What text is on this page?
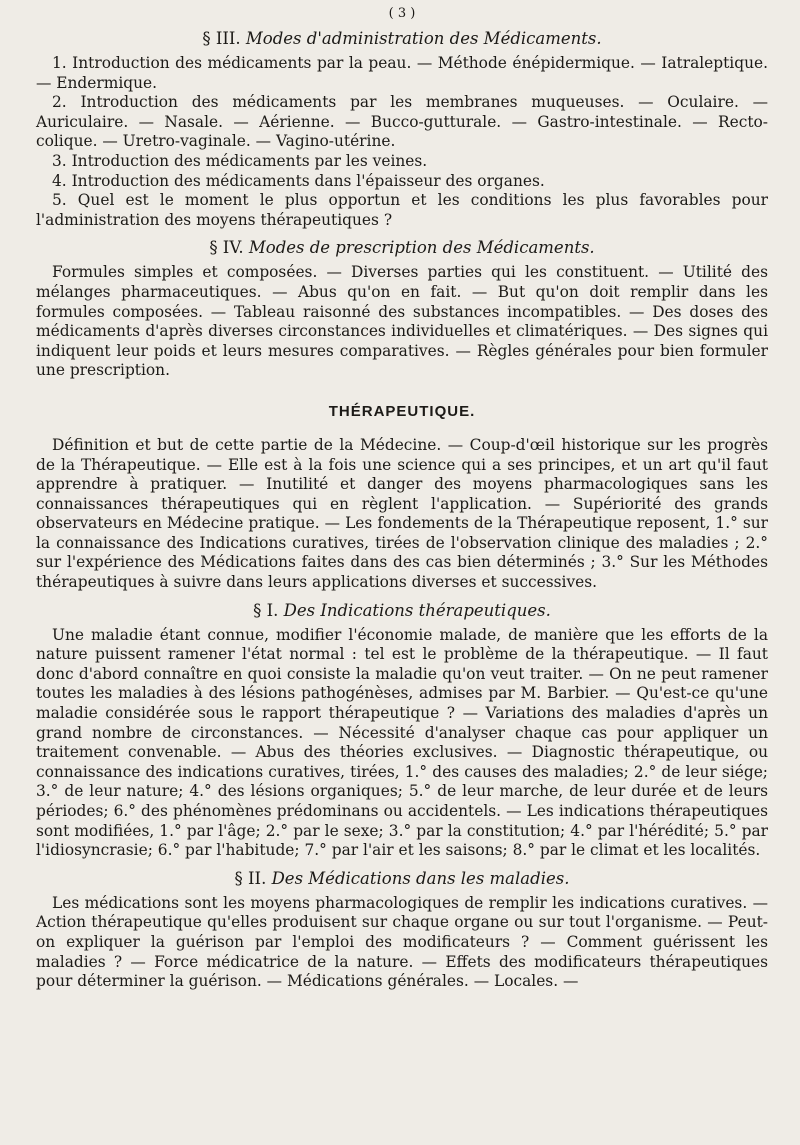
( 3 )
§ III. Modes d'administration des Médicaments.

1. Introduction des médicaments par la peau. — Méthode énépidermique. — Iatraleptique. — Endermique.

2. Introduction des médicaments par les membranes muqueuses. — Oculaire. — Auriculaire. — Nasale. — Aérienne. — Bucco-gutturale. — Gastro-intestinale. — Recto-colique. — Uretro-vaginale. — Vagino-utérine.

3. Introduction des médicaments par les veines.

4. Introduction des médicaments dans l'épaisseur des organes.

5. Quel est le moment le plus opportun et les conditions les plus favorables pour l'administration des moyens thérapeutiques ?

§ IV. Modes de prescription des Médicaments.

Formules simples et composées. — Diverses parties qui les constituent. — Utilité des mélanges pharmaceutiques. — Abus qu'on en fait. — But qu'on doit remplir dans les formules composées. — Tableau raisonné des substances incompatibles. — Des doses des médicaments d'après diverses circonstances individuelles et climatériques. — Des signes qui indiquent leur poids et leurs mesures comparatives. — Règles générales pour bien formuler une prescription.

THÉRAPEUTIQUE.

Définition et but de cette partie de la Médecine. — Coup-d'œil historique sur les progrès de la Thérapeutique. — Elle est à la fois une science qui a ses principes, et un art qu'il faut apprendre à pratiquer. — Inutilité et danger des moyens pharmacologiques sans les connaissances thérapeutiques qui en règlent l'application. — Supériorité des grands observateurs en Médecine pratique. — Les fondements de la Thérapeutique reposent, 1.° sur la connaissance des Indications curatives, tirées de l'observation clinique des maladies ; 2.° sur l'expérience des Médications faites dans des cas bien déterminés ; 3.° Sur les Méthodes thérapeutiques à suivre dans leurs applications diverses et successives.

§ I. Des Indications thérapeutiques.

Une maladie étant connue, modifier l'économie malade, de manière que les efforts de la nature puissent ramener l'état normal : tel est le problème de la thérapeutique. — Il faut donc d'abord connaître en quoi consiste la maladie qu'on veut traiter. — On ne peut ramener toutes les maladies à des lésions pathogénèses, admises par M. Barbier. — Qu'est-ce qu'une maladie considérée sous le rapport thérapeutique ? — Variations des maladies d'après un grand nombre de circonstances. — Nécessité d'analyser chaque cas pour appliquer un traitement convenable. — Abus des théories exclusives. — Diagnostic thérapeutique, ou connaissance des indications curatives, tirées, 1.° des causes des maladies; 2.° de leur siége; 3.° de leur nature; 4.° des lésions organiques; 5.° de leur marche, de leur durée et de leurs périodes; 6.° des phénomènes prédominans ou accidentels. — Les indications thérapeutiques sont modifiées, 1.° par l'âge; 2.° par le sexe; 3.° par la constitution; 4.° par l'hérédité; 5.° par l'idiosyncrasie; 6.° par l'habitude; 7.° par l'air et les saisons; 8.° par le climat et les localités.

§ II. Des Médications dans les maladies.

Les médications sont les moyens pharmacologiques de remplir les indications curatives. — Action thérapeutique qu'elles produisent sur chaque organe ou sur tout l'organisme. — Peut-on expliquer la guérison par l'emploi des modificateurs ? — Comment guérissent les maladies ? — Force médicatrice de la nature. — Effets des modificateurs thérapeutiques pour déterminer la guérison. — Médications générales. — Locales. —
